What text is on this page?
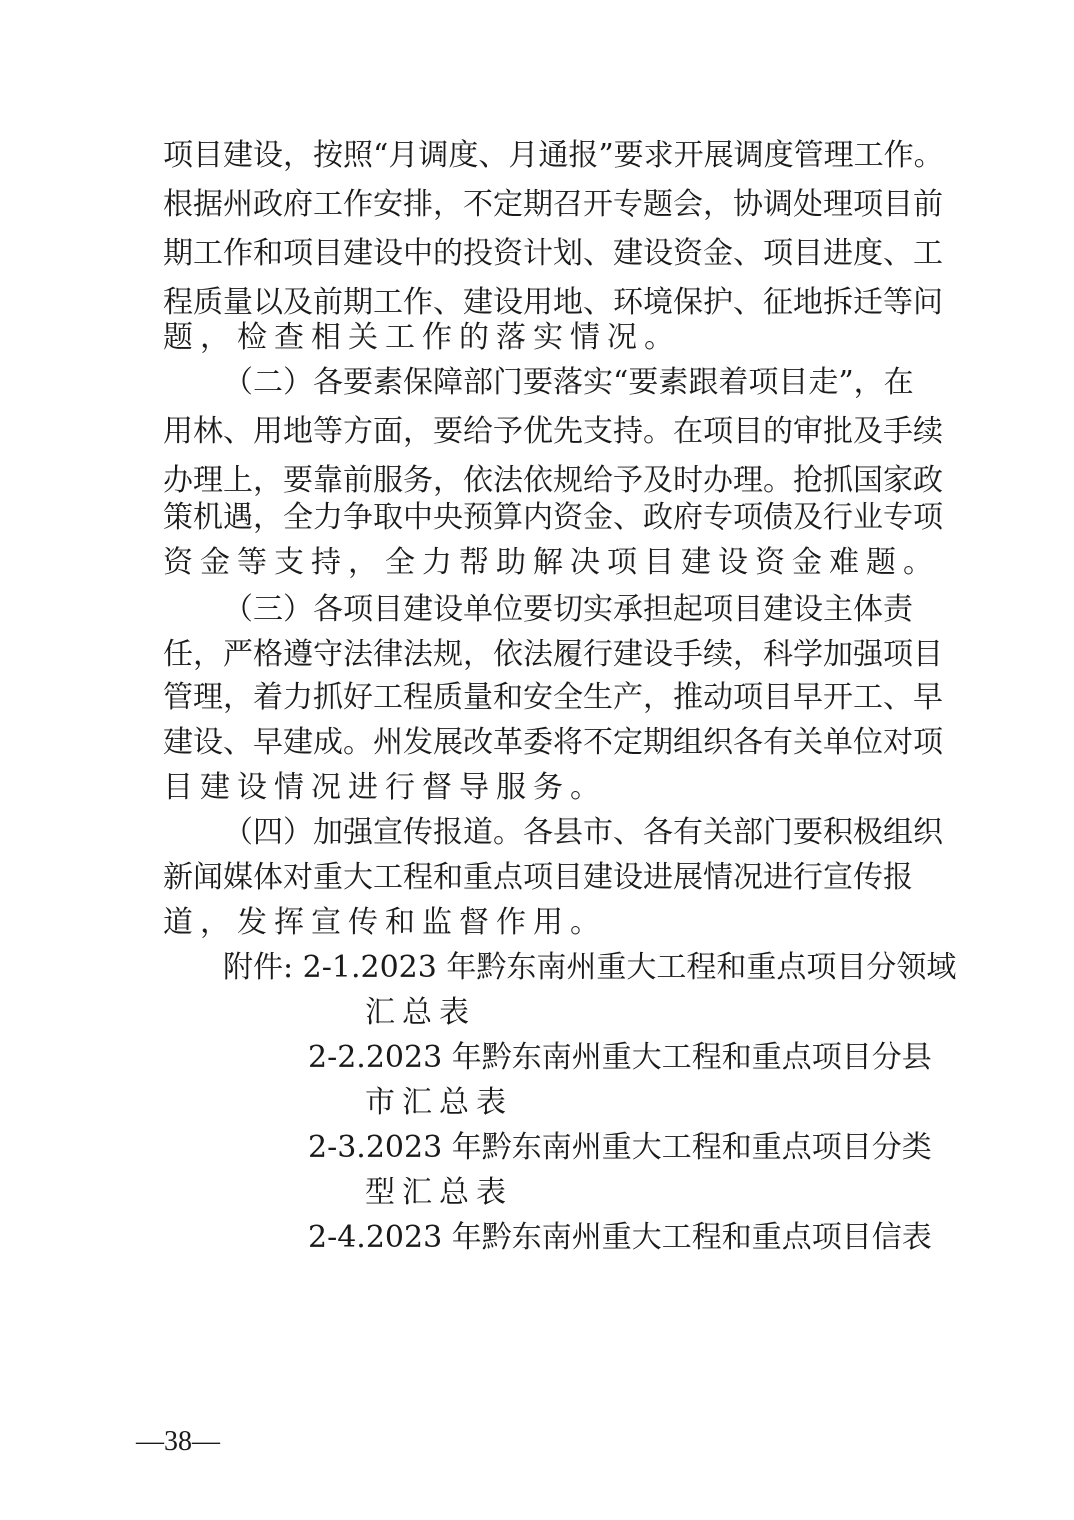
项目建设，按照“月调度、月通报”要求开展调度管理工作。
根据州政府工作安排，不定期召开专题会，协调处理项目前
期工作和项目建设中的投资计划、建设资金、项目进度、工
程质量以及前期工作、建设用地、环境保护、征地拆迁等问
题，检查相关工作的落实情况。
（二）各要素保障部门要落实“要素跟着项目走”，在
用林、用地等方面，要给予优先支持。在项目的审批及手续
办理上，要靠前服务，依法依规给予及时办理。抢抓国家政
策机遇，全力争取中央预算内资金、政府专项债及行业专项
资金等支持，全力帮助解决项目建设资金难题。
（三）各项目建设单位要切实承担起项目建设主体责
任，严格遵守法律法规，依法履行建设手续，科学加强项目
管理，着力抓好工程质量和安全生产，推动项目早开工、早
建设、早建成。州发展改革委将不定期组织各有关单位对项
目建设情况进行督导服务。
（四）加强宣传报道。各县市、各有关部门要积极组织
新闻媒体对重大工程和重点项目建设进展情况进行宣传报
道，发挥宣传和监督作用。
附件: 2-1.2023 年黔东南州重大工程和重点项目分领域
汇总表
2-2.2023 年黔东南州重大工程和重点项目分县
市汇总表
2-3.2023 年黔东南州重大工程和重点项目分类
型汇总表
2-4.2023 年黔东南州重大工程和重点项目信表
—38—
